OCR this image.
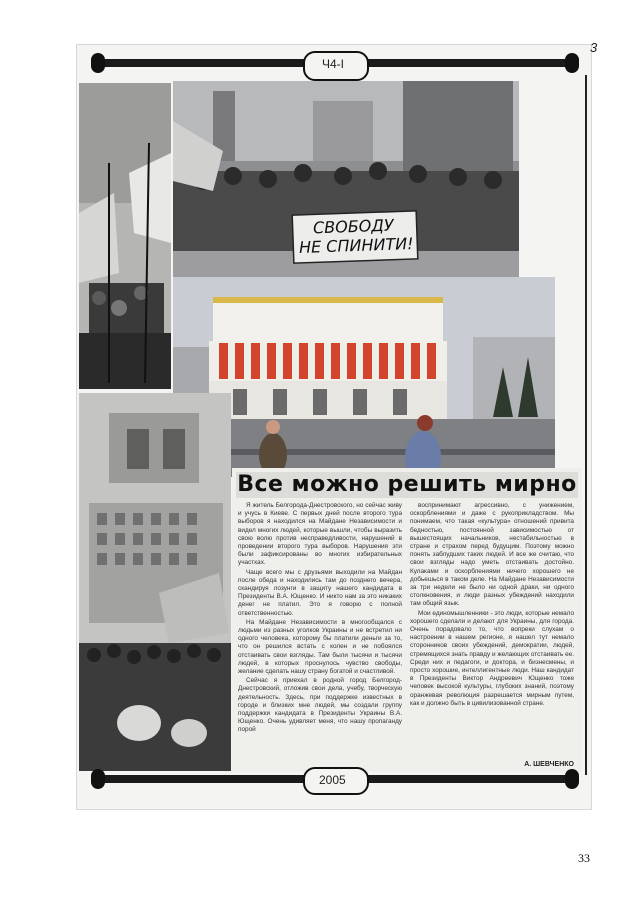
Ч4-I
СВОБОДУ
НЕ СПИНИТИ!
Все можно решить мирно

Я житель Белгорода-Днестровского, но сейчас живу и учусь в Киеве. С первых дней после второго тура выборов я находился на Майдане Независимости и видел многих людей, которые вышли, чтобы выразить свою волю против несправедливости, нарушений в проведении второго тура выборов. Нарушения эти были зафиксированы во многих избирательных участках.

Чаще всего мы с друзьями выходили на Майдан после обеда и находились там до позднего вечера, скандируя лозунги в защиту нашего кандидата в Президенты В.А. Ющенко. И никто нам за это никаких денег не платил. Это я говорю с полной ответственностью.

На Майдане Независимости в многообщался с людьми из разных уголков Украины и не встретил ни одного человека, которому бы платили деньги за то, что он решился встать с колен и не побоялся отстаивать свои взгляды. Там были тысячи и тысячи людей, в которых проснулось чувство свободы, желание сделать нашу страну богатой и счастливой.

Сейчас я приехал в родной город Белгород-Днестровский, отложив свои дела, учебу, творческую деятельность. Здесь, при поддержке известных в городе и близких мне людей, мы создали группу поддержки кандидата в Президенты Украины В.А. Ющенко. Очень удивляет меня, что нашу пропаганду порой

воспринимают агрессивно, с унижением, оскорблениями и даже с рукоприкладством. Мы понимаем, что такая «культура» отношений привита бедностью, постоянной зависимостью от вышестоящих начальников, нестабильностью в стране и страхом перед будущим. Поэтому можно понять заблудших таких людей. И все же считаю, что свои взгляды надо уметь отстаивать достойно. Кулаками и оскорблениями ничего хорошего не добьешься в таком деле. На Майдане Независимости за три недели не было ни одной драки, ни одного столкновения, и люди разных убеждений находили там общий язык.

Мои единомышленники - это люди, которые немало хорошего сделали и делают для Украины, для города. Очень порадовало то, что вопреки слухам о настроении в нашем регионе, я нашел тут немало сторонников своих убеждений, демократии, людей, стремящихся знать правду и желающих отстаивать ее. Среди них и педагоги, и доктора, и бизнесмены, и просто хорошие, интеллигентные люди. Наш кандидат в Президенты Виктор Андреевич Ющенко тоже человек высокой культуры, глубоких знаний, поэтому оранжевая революция разрешается мирным путем, как и должно быть в цивилизованной стране.

А. ШЕВЧЕНКО
2005
3
33
